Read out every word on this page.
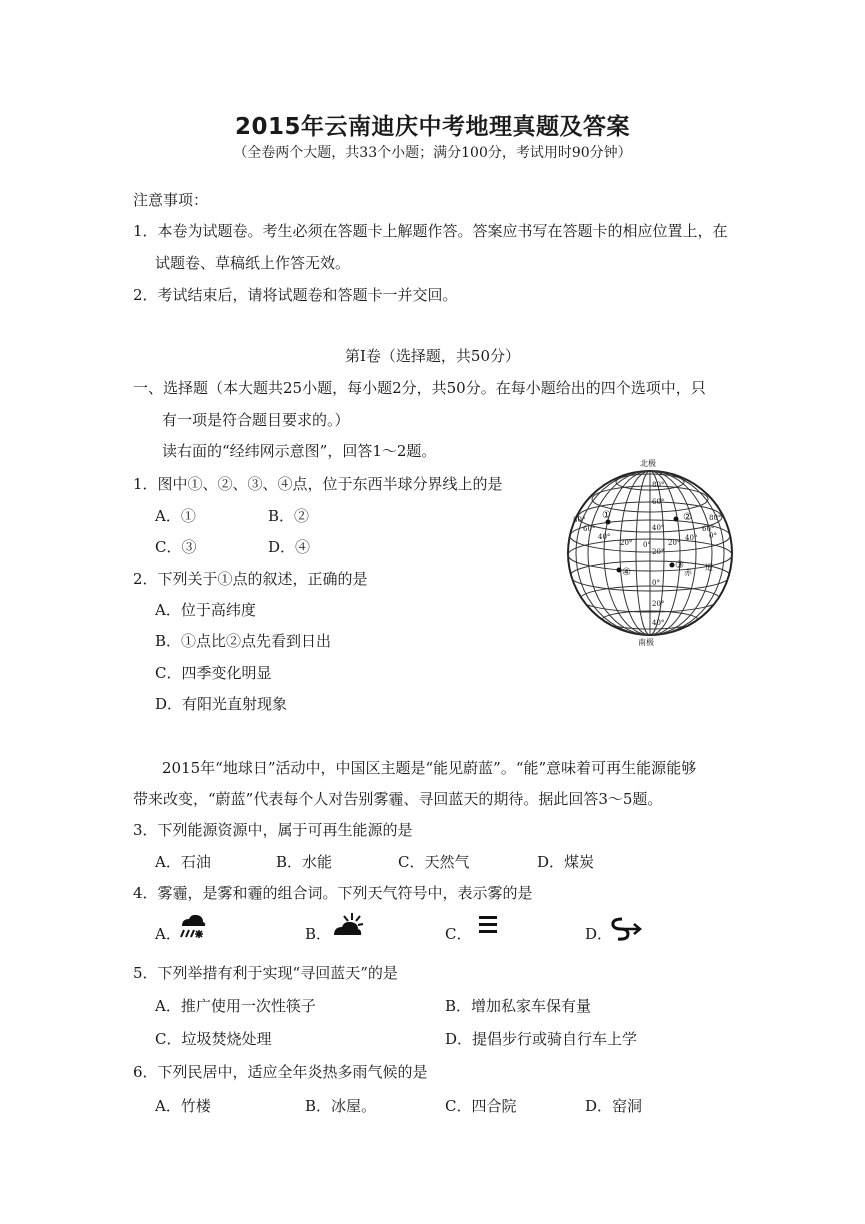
2015年云南迪庆中考地理真题及答案
（全卷两个大题，共33个小题；满分100分，考试用时90分钟）
注意事项：
1．本卷为试题卷。考生必须在答题卡上解题作答。答案应书写在答题卡的相应位置上，在
试题卷、草稿纸上作答无效。
2．考试结束后，请将试题卷和答题卡一并交回。
第Ⅰ卷（选择题，共50分）
一、选择题（本大题共25小题，每小题2分，共50分。在每小题给出的四个选项中，只
有一项是符合题目要求的。）
读右面的“经纬网示意图”，回答1～2题。
北极
南极
①	②
③
④
80°
60°
40°
20° 0°
80°
60°
40°
20°
0°
80°
60°
40°
20°
0°
20°
40°
赤
道
1．图中①、②、③、④点，位于东西半球分界线上的是
A．①	B．②
C．③	D．④
2．下列关于①点的叙述，正确的是
A．位于高纬度
B．①点比②点先看到日出
C．四季变化明显
D．有阳光直射现象
2015年“地球日”活动中，中国区主题是“能见蔚蓝”。“能”意味着可再生能源能够
带来改变，“蔚蓝”代表每个人对告别雾霾、寻回蓝天的期待。据此回答3～5题。
3．下列能源资源中，属于可再生能源的是
A．石油	B．水能	C．天然气	D．煤炭
4．雾霾，是雾和霾的组合词。下列天气符号中，表示雾的是
A．	B．	C．	D．
5．下列举措有利于实现“寻回蓝天”的是
A．推广使用一次性筷子	B．增加私家车保有量
C．垃圾焚烧处理	D．提倡步行或骑自行车上学
6．下列民居中，适应全年炎热多雨气候的是
A．竹楼	B．冰屋。	C．四合院	D．窑洞
